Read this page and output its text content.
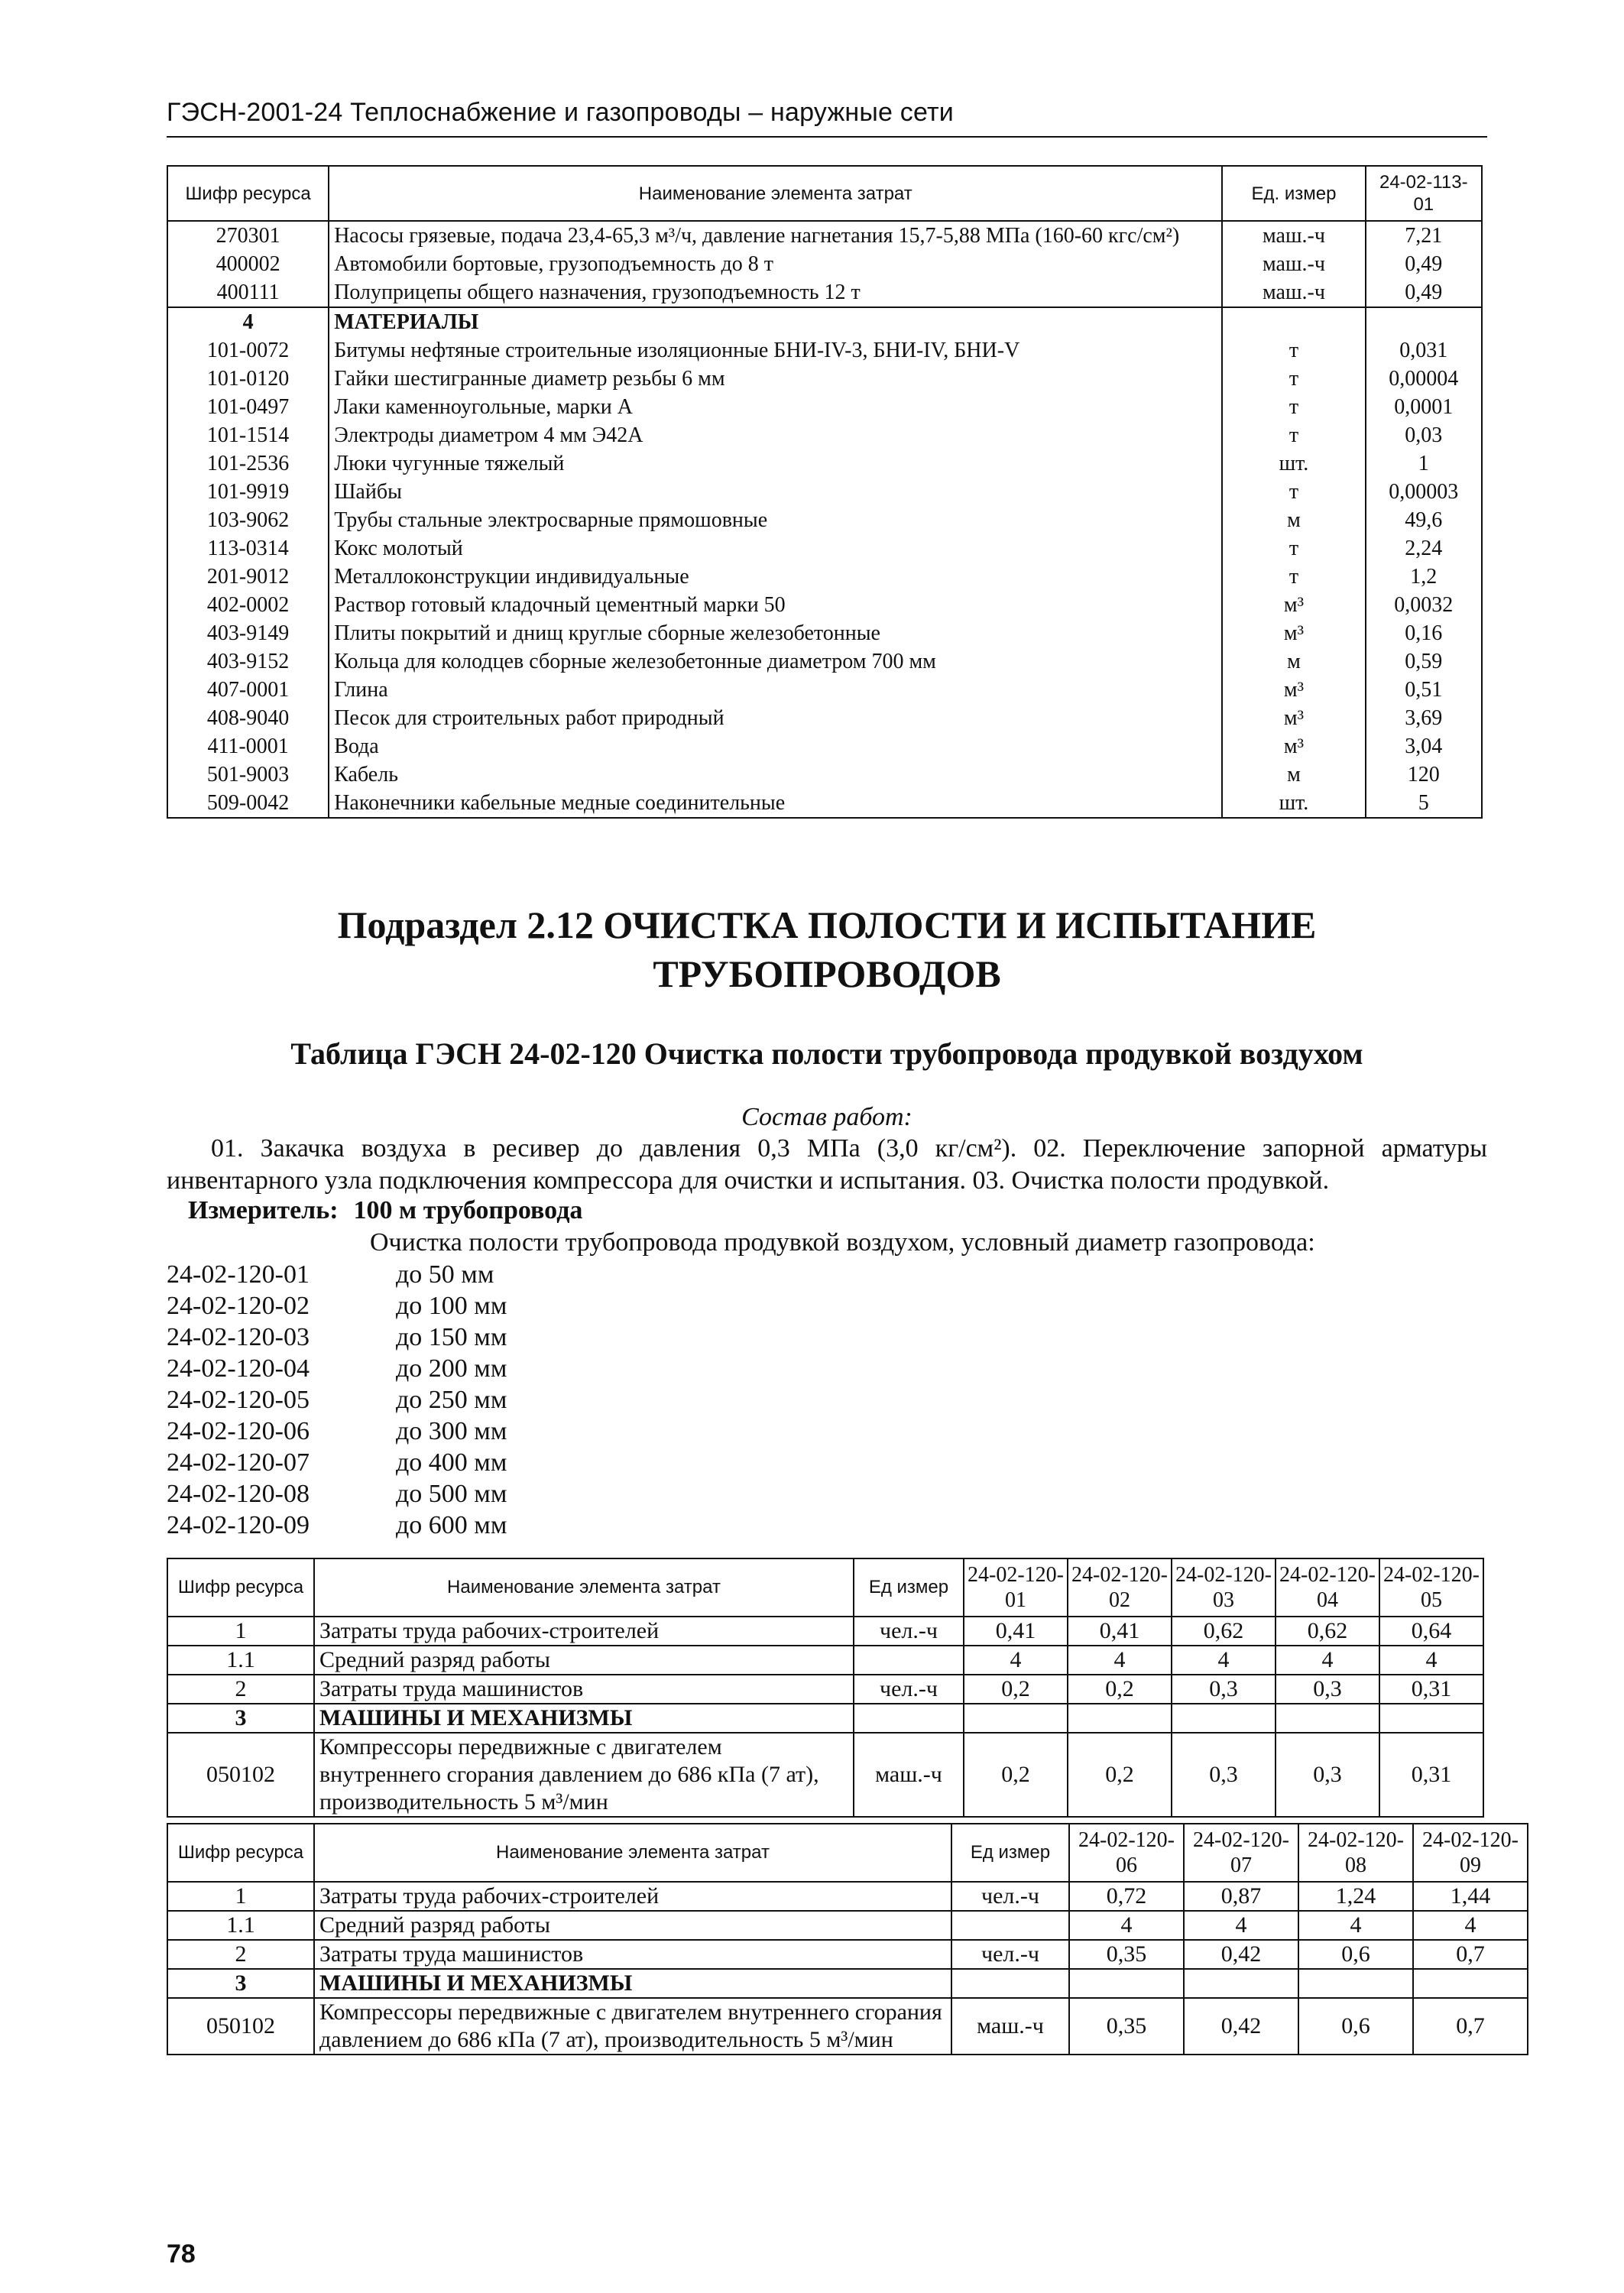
ГЭСН-2001-24 Теплоснабжение и газопроводы – наружные сети
Шифр ресурса	Наименование элемента затрат	Ед. измер	24-02-113-01
270301	Насосы грязевые, подача 23,4-65,3 м³/ч, давление нагнетания 15,7-5,88 МПа (160-60 кгс/см²)	маш.-ч	7,21
400002	Автомобили бортовые, грузоподъемность до 8 т	маш.-ч	0,49
400111	Полуприцепы общего назначения, грузоподъемность 12 т	маш.-ч	0,49
4	МАТЕРИАЛЫ		
101-0072	Битумы нефтяные строительные изоляционные БНИ-IV-3, БНИ-IV, БНИ-V	т	0,031
101-0120	Гайки шестигранные диаметр резьбы 6 мм	т	0,00004
101-0497	Лаки каменноугольные, марки А	т	0,0001
101-1514	Электроды диаметром 4 мм Э42А	т	0,03
101-2536	Люки чугунные тяжелый	шт.	1
101-9919	Шайбы	т	0,00003
103-9062	Трубы стальные электросварные прямошовные	м	49,6
113-0314	Кокс молотый	т	2,24
201-9012	Металлоконструкции индивидуальные	т	1,2
402-0002	Раствор готовый кладочный цементный марки 50	м³	0,0032
403-9149	Плиты покрытий и днищ круглые сборные железобетонные	м³	0,16
403-9152	Кольца для колодцев сборные железобетонные диаметром 700 мм	м	0,59
407-0001	Глина	м³	0,51
408-9040	Песок для строительных работ природный	м³	3,69
411-0001	Вода	м³	3,04
501-9003	Кабель	м	120
509-0042	Наконечники кабельные медные соединительные	шт.	5
Подраздел 2.12 ОЧИСТКА ПОЛОСТИ И ИСПЫТАНИЕ ТРУБОПРОВОДОВ
Таблица ГЭСН 24-02-120 Очистка полости трубопровода продувкой воздухом
Состав работ:
01. Закачка воздуха в ресивер до давления 0,3 МПа (3,0 кг/см²). 02. Переключение запорной арматуры инвентарного узла подключения компрессора для очистки и испытания. 03. Очистка полости продувкой.
Измеритель: 100 м трубопровода
Очистка полости трубопровода продувкой воздухом, условный диаметр газопровода:
24-02-120-01	до 50 мм
24-02-120-02	до 100 мм
24-02-120-03	до 150 мм
24-02-120-04	до 200 мм
24-02-120-05	до 250 мм
24-02-120-06	до 300 мм
24-02-120-07	до 400 мм
24-02-120-08	до 500 мм
24-02-120-09	до 600 мм
Шифр ресурса	Наименование элемента затрат	Ед измер	24-02-120-01	24-02-120-02	24-02-120-03	24-02-120-04	24-02-120-05
1	Затраты труда рабочих-строителей	чел.-ч	0,41	0,41	0,62	0,62	0,64
1.1	Средний разряд работы		4	4	4	4	4
2	Затраты труда машинистов	чел.-ч	0,2	0,2	0,3	0,3	0,31
3	МАШИНЫ И МЕХАНИЗМЫ						
050102	Компрессоры передвижные с двигателем внутреннего сгорания давлением до 686 кПа (7 ат), производительность 5 м³/мин	маш.-ч	0,2	0,2	0,3	0,3	0,31
Шифр ресурса	Наименование элемента затрат	Ед измер	24-02-120-06	24-02-120-07	24-02-120-08	24-02-120-09
1	Затраты труда рабочих-строителей	чел.-ч	0,72	0,87	1,24	1,44
1.1	Средний разряд работы		4	4	4	4
2	Затраты труда машинистов	чел.-ч	0,35	0,42	0,6	0,7
3	МАШИНЫ И МЕХАНИЗМЫ					
050102	Компрессоры передвижные с двигателем внутреннего сгорания давлением до 686 кПа (7 ат), производительность 5 м³/мин	маш.-ч	0,35	0,42	0,6	0,7
78
